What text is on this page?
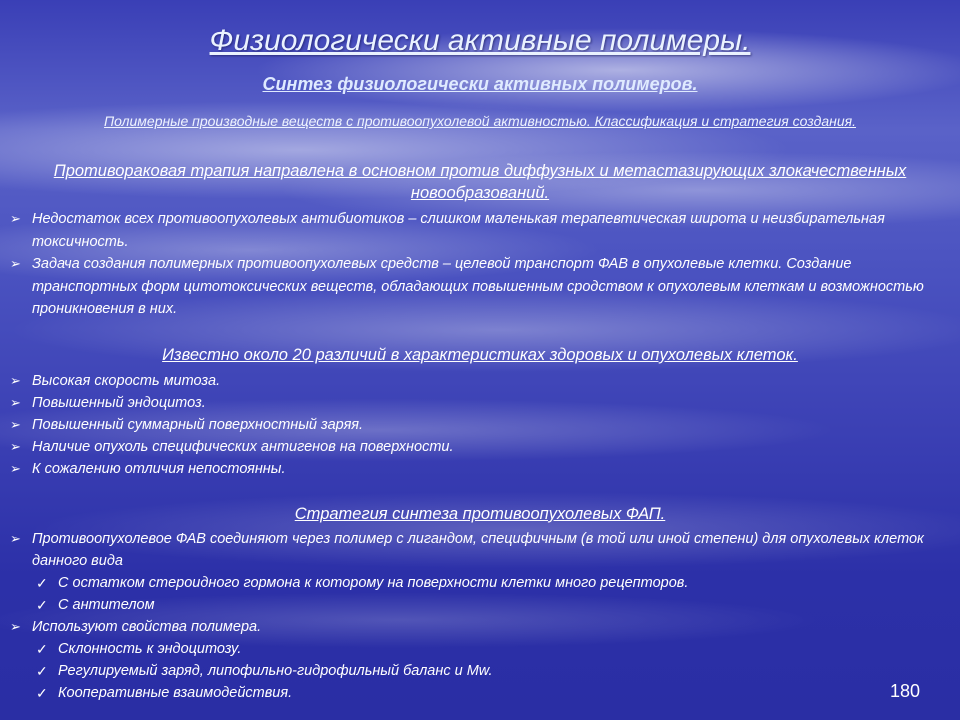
Физиологически активные полимеры.
Синтез физиологически активных полимеров.
Полимерные производные веществ с противоопухолевой активностью. Классификация и стратегия создания.
Противораковая трапия направлена в основном против диффузных и метастазирующих злокачественных новообразований.
➢ Недостаток всех противоопухолевых антибиотиков – слишком маленькая терапевтическая широта и неизбирательная токсичность.
➢ Задача создания полимерных противоопухолевых средств – целевой транспорт ФАВ в опухолевые клетки. Создание транспортных форм цитотоксических веществ, обладающих повышенным сродством к опухолевым клеткам и возможностью проникновения в них.
Известно около 20 различий в характеристиках здоровых и опухолевых клеток.
➢ Высокая скорость митоза.
➢ Повышенный эндоцитоз.
➢ Повышенный суммарный поверхностный заряя.
➢ Наличие опухоль специфических антигенов на поверхности.
➢ К сожалению отличия непостоянны.
Стратегия синтеза противоопухолевых ФАП.
➢ Противоопухолевое ФАВ соединяют через полимер с лигандом, специфичным (в той или иной степени) для опухолевых клеток данного вида
✓ С остатком стероидного гормона к которому на поверхности клетки много рецепторов.
✓ С антителом
➢ Используют свойства полимера.
✓ Склонность к эндоцитозу.
✓ Регулируемый заряд, липофильно-гидрофильный баланс и Mw.
✓ Кооперативные взаимодействия.	180
